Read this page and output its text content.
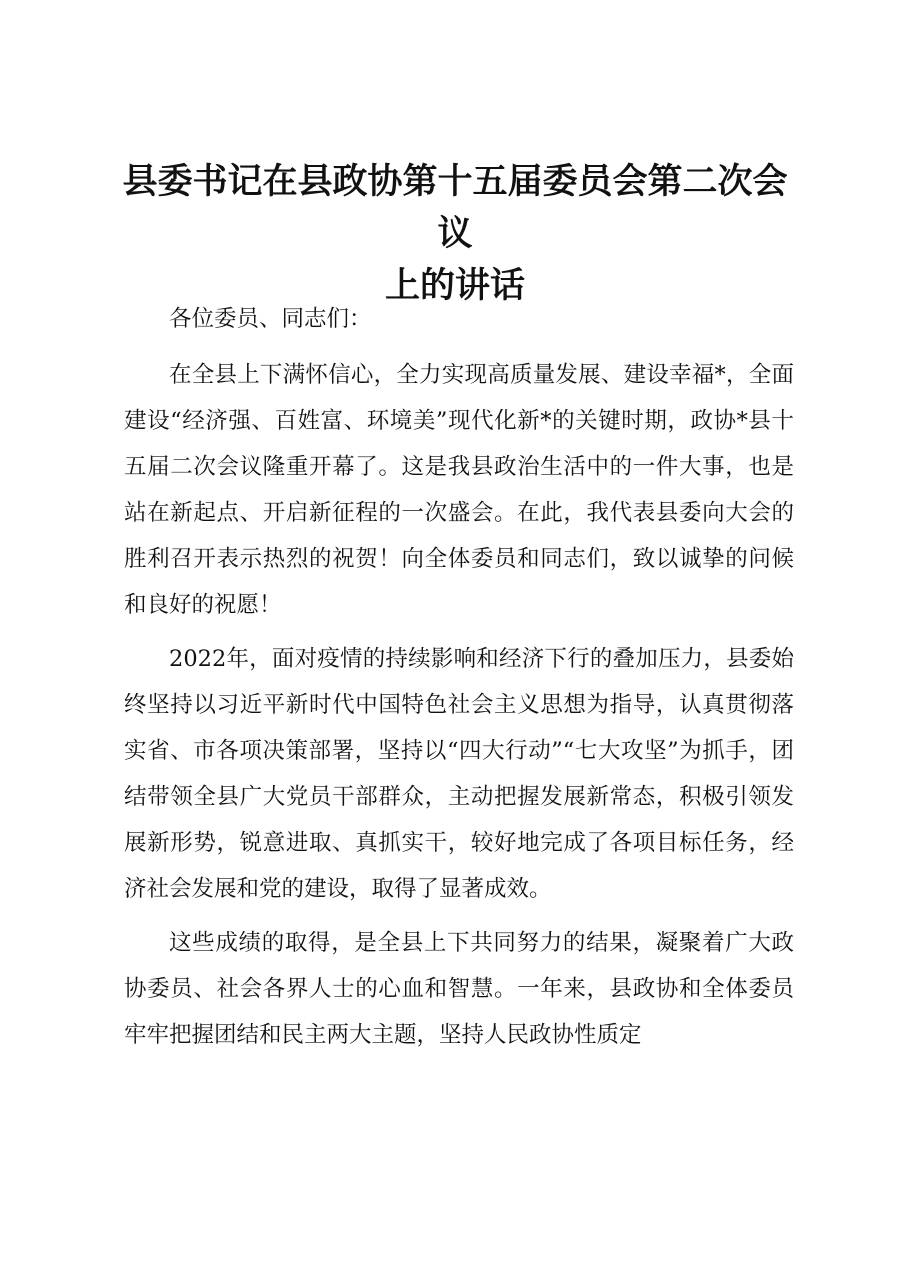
县委书记在县政协第十五届委员会第二次会议
上的讲话

各位委员、同志们：

在全县上下满怀信心，全力实现高质量发展、建设幸福*，全面建设“经济强、百姓富、环境美”现代化新*的关键时期，政协*县十五届二次会议隆重开幕了。这是我县政治生活中的一件大事，也是站在新起点、开启新征程的一次盛会。在此，我代表县委向大会的胜利召开表示热烈的祝贺！向全体委员和同志们，致以诚挚的问候和良好的祝愿！

2022年，面对疫情的持续影响和经济下行的叠加压力，县委始终坚持以习近平新时代中国特色社会主义思想为指导，认真贯彻落实省、市各项决策部署，坚持以“四大行动”“七大攻坚”为抓手，团结带领全县广大党员干部群众，主动把握发展新常态，积极引领发展新形势，锐意进取、真抓实干，较好地完成了各项目标任务，经济社会发展和党的建设，取得了显著成效。

这些成绩的取得，是全县上下共同努力的结果，凝聚着广大政协委员、社会各界人士的心血和智慧。一年来，县政协和全体委员牢牢把握团结和民主两大主题，坚持人民政协性质定
